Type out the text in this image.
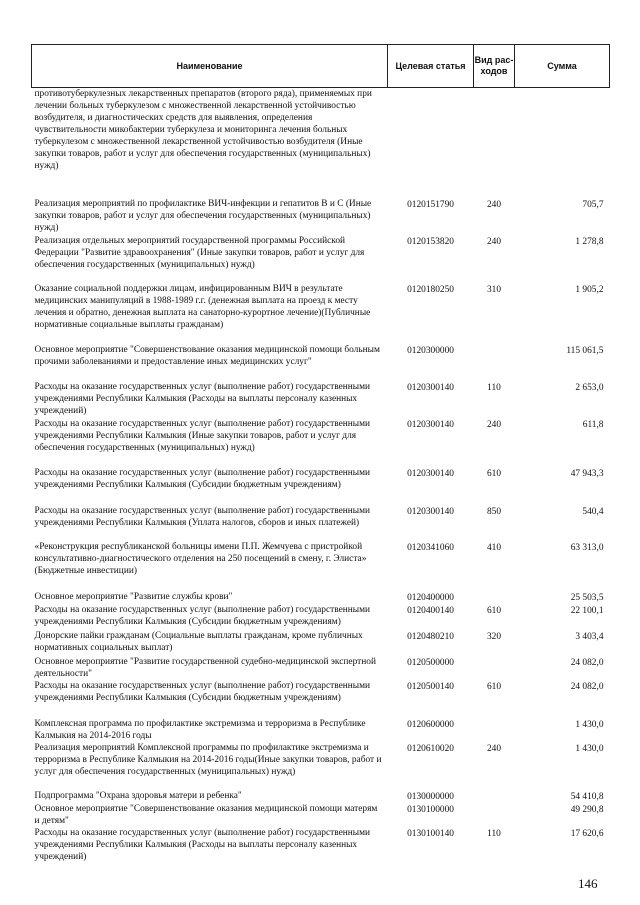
Наименование	Целевая статья	Вид рас-ходов	Сумма
противотуберкулезных лекарственных препаратов (второго ряда), применяемых при лечении больных туберкулезом с множественной лекарственной устойчивостью возбудителя, и диагностических средств для выявления, определения чувствительности микобактерии туберкулеза и мониторинга лечения больных туберкулезом с множественной лекарственной устойчивостью возбудителя (Иные закупки товаров, работ и услуг для обеспечения государственных (муниципальных) нужд)			
Реализация мероприятий по профилактике ВИЧ-инфекции и гепатитов В и С (Иные закупки товаров, работ и услуг для обеспечения государственных (муниципальных) нужд)	0120151790	240	705,7
Реализация отдельных мероприятий государственной программы Российской Федерации "Развитие здравоохранения" (Иные закупки товаров, работ и услуг для обеспечения государственных (муниципальных) нужд)	0120153820	240	1 278,8
Оказание социальной поддержки лицам, инфицированным ВИЧ в результате медицинских манипуляций в 1988-1989 г.г. (денежная выплата на проезд к месту лечения и обратно, денежная выплата на санаторно-курортное лечение)(Публичные нормативные социальные выплаты гражданам)	0120180250	310	1 905,2
Основное мероприятие "Совершенствование оказания медицинской помощи больным прочими заболеваниями и предоставление иных медицинских услуг"	0120300000		115 061,5
Расходы на оказание государственных услуг (выполнение работ) государственными учреждениями Республики Калмыкия (Расходы на выплаты персоналу казенных учреждений)	0120300140	110	2 653,0
Расходы на оказание государственных услуг (выполнение работ) государственными учреждениями Республики Калмыкия (Иные закупки товаров, работ и услуг для обеспечения государственных (муниципальных) нужд)	0120300140	240	611,8
Расходы на оказание государственных услуг (выполнение работ) государственными учреждениями Республики Калмыкия (Субсидии бюджетным учреждениям)	0120300140	610	47 943,3
Расходы на оказание государственных услуг (выполнение работ) государственными учреждениями Республики Калмыкия (Уплата налогов, сборов и иных платежей)	0120300140	850	540,4
«Реконструкция республиканской больницы имени П.П. Жемчуева с пристройкой консультативно-диагностического отделения на 250 посещений в смену, г. Элиста» (Бюджетные инвестиции)	0120341060	410	63 313,0
Основное мероприятие "Развитие службы крови"	0120400000		25 503,5
Расходы на оказание государственных услуг (выполнение работ) государственными учреждениями Республики Калмыкия (Субсидии бюджетным учреждениям)	0120400140	610	22 100,1
Донорские пайки гражданам (Социальные выплаты гражданам, кроме публичных нормативных социальных выплат)	0120480210	320	3 403,4
Основное мероприятие "Развитие государственной судебно-медицинской экспертной деятельности"	0120500000		24 082,0
Расходы на оказание государственных услуг (выполнение работ) государственными учреждениями Республики Калмыкия (Субсидии бюджетным учреждениям)	0120500140	610	24 082,0
Комплексная программа по профилактике экстремизма и терроризма в Республике Калмыкия на 2014-2016 годы	0120600000		1 430,0
Реализация мероприятий Комплексной программы по профилактике экстремизма и терроризма в Республике Калмыкия на 2014-2016 годы(Иные закупки товаров, работ и услуг для обеспечения государственных (муниципальных) нужд)	0120610020	240	1 430,0
Подпрограмма "Охрана здоровья матери и ребенка"	0130000000		54 410,8
Основное мероприятие "Совершенствование оказания медицинской помощи матерям и детям"	0130100000		49 290,8
Расходы на оказание государственных услуг (выполнение работ) государственными учреждениями Республики Калмыкия (Расходы на выплаты персоналу казенных учреждений)	0130100140	110	17 620,6
146
